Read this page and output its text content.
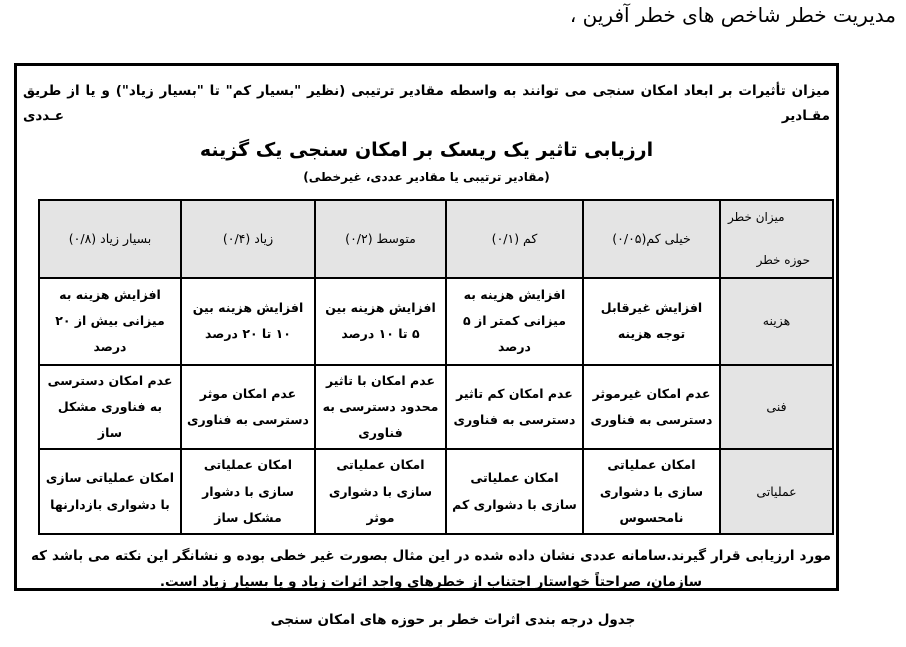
مدیریت خطر شاخص های خطر آفرین ،

میزان تأثیرات بر ابعاد امکان سنجی می توانند به واسطه مقادیر ترتیبی (نظیر "بسیار کم" تا "بسیار زیاد") و یا از طریق مقـادیر عـددی

ارزیابی تاثیر یک ریسک بر امکان سنجی یک گزینه

(مقادیر ترتیبی یا مقادیر عددی، غیرخطی)

میزان خطر
حوزه خطر	خیلی کم(۰/۰۵)	کم (۰/۱)	متوسط (۰/۲)	زیاد (۰/۴)	بسیار زیاد (۰/۸)
هزینه	افزایش غیرقابل توجه هزینه	افزایش هزینه به میزانی کمتر از ۵ درصد	افزایش هزینه بین ۵ تا ۱۰ درصد	افزایش هزینه بین ۱۰ تا ۲۰ درصد	افزایش هزینه به میزانی بیش از ۲۰ درصد
فنی	عدم امکان غیرموثر دسترسی به فناوری	عدم امکان کم تاثیر دسترسی به فناوری	عدم امکان با تاثیر محدود دسترسی به فناوری	عدم امکان موثر دسترسی به فناوری	عدم امکان دسترسی به فناوری مشکل ساز
عملیاتی	امکان عملیاتی سازی با دشواری نامحسوس	امکان عملیاتی سازی با دشواری کم	امکان عملیاتی سازی با دشواری موثر	امکان عملیاتی سازی با دشوار مشکل ساز	امکان عملیاتی سازی با دشواری بازدارنها

مورد ارزیابی قرار گیرند.سامانه عددی نشان داده شده در این مثال بصورت غیر خطی بوده و نشانگر این نکته می باشد که سازمان، صراحتاً خواستار اجتناب از خطرهای واجد اثرات زیاد و یا بسیار زیاد است.

جدول درجه بندی اثرات خطر بر حوزه های امکان سنجی
